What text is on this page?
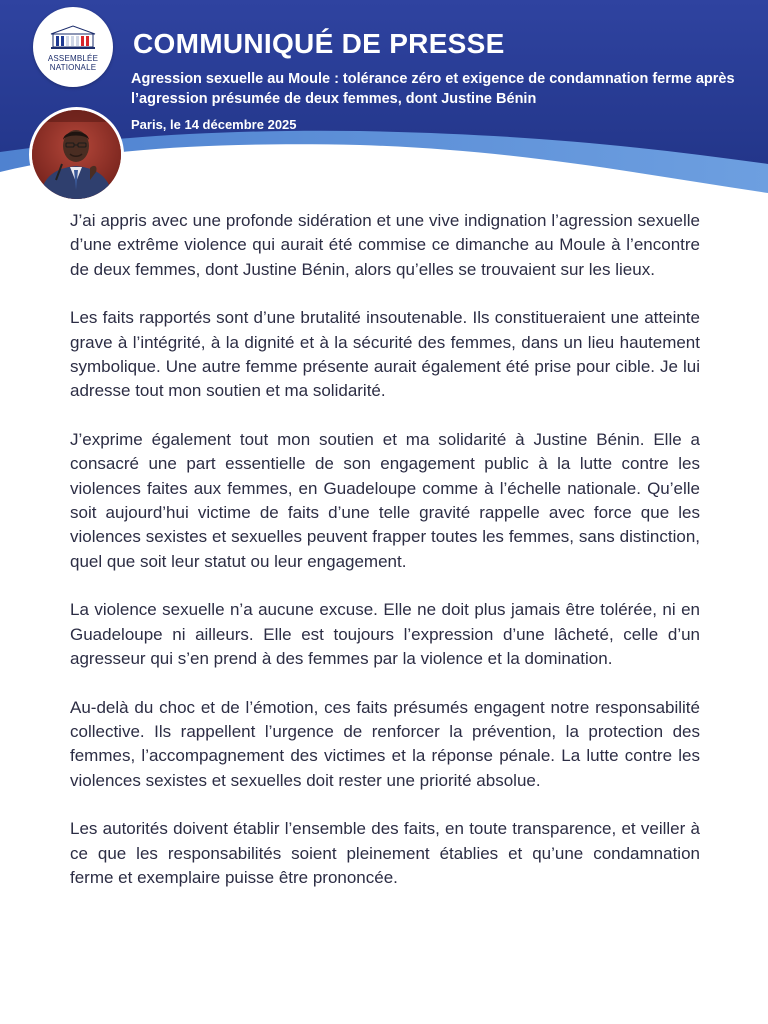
ASSEMBLÉE NATIONALE
COMMUNIQUÉ DE PRESSE

Agression sexuelle au Moule : tolérance zéro et exigence de condamnation ferme après l’agression présumée de deux femmes, dont Justine Bénin

Paris, le 14 décembre 2025

J’ai appris avec une profonde sidération et une vive indignation l’agression sexuelle d’une extrême violence qui aurait été commise ce dimanche au Moule à l’encontre de deux femmes, dont Justine Bénin, alors qu’elles se trouvaient sur les lieux.

Les faits rapportés sont d’une brutalité insoutenable. Ils constitueraient une atteinte grave à l’intégrité, à la dignité et à la sécurité des femmes, dans un lieu hautement symbolique. Une autre femme présente aurait également été prise pour cible. Je lui adresse tout mon soutien et ma solidarité.

J’exprime également tout mon soutien et ma solidarité à Justine Bénin. Elle a consacré une part essentielle de son engagement public à la lutte contre les violences faites aux femmes, en Guadeloupe comme à l’échelle nationale. Qu’elle soit aujourd’hui victime de faits d’une telle gravité rappelle avec force que les violences sexistes et sexuelles peuvent frapper toutes les femmes, sans distinction, quel que soit leur statut ou leur engagement.

La violence sexuelle n’a aucune excuse. Elle ne doit plus jamais être tolérée, ni en Guadeloupe ni ailleurs. Elle est toujours l’expression d’une lâcheté, celle d’un agresseur qui s’en prend à des femmes par la violence et la domination.

Au-delà du choc et de l’émotion, ces faits présumés engagent notre responsabilité collective. Ils rappellent l’urgence de renforcer la prévention, la protection des femmes, l’accompagnement des victimes et la réponse pénale. La lutte contre les violences sexistes et sexuelles doit rester une priorité absolue.

Les autorités doivent établir l’ensemble des faits, en toute transparence, et veiller à ce que les responsabilités soient pleinement établies et qu’une condamnation ferme et exemplaire puisse être prononcée.
